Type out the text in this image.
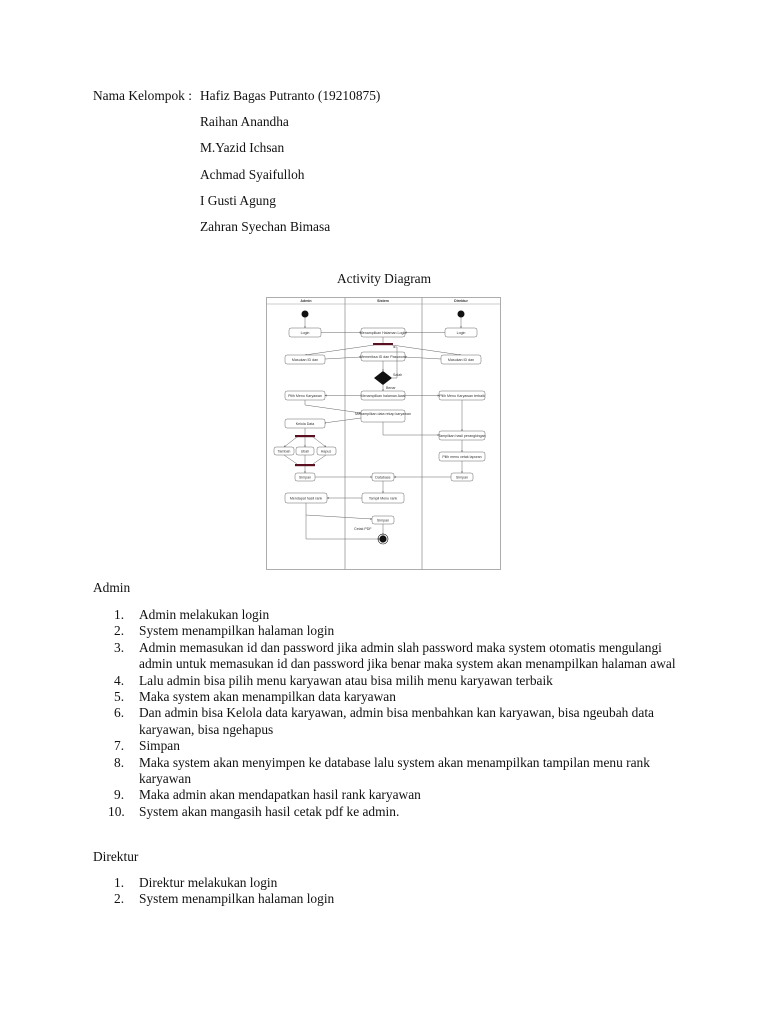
Nama Kelompok : Hafiz Bagas Putranto (19210875)
Raihan Anandha
M.Yazid Ichsan
Achmad Syaifulloh
I Gusti Agung
Zahran Syechan Bimasa
Activity Diagram
Admin	Sistem	Direktur
Login	Menampilkan Halaman Login	Login
Masukan ID dan
Memeriksa ID dan Password
Masukan ID dan
Salah
Benar
Pilih Menu Karyawan	Menampilkan halaman Awal	Pilih Menu Karyawan terbaik
Menampilkan data rekap karyawan
Kelola Data
Tampilkan hasil perangkingan
Tambah	Ubah	Hapus
Pilih menu cetak laporan
Simpan	Database	Simpan
Mendapat hasil rank	Tampil Menu rank
Simpan
Cetak PDF
Admin
1. Admin melakukan login
2. System menampilkan halaman login
3. Admin memasukan id dan password jika admin slah password maka system otomatis mengulangi admin untuk memasukan id dan password jika benar maka system akan menampilkan halaman awal
4. Lalu admin bisa pilih menu karyawan atau bisa milih menu karyawan terbaik
5. Maka system akan menampilkan data karyawan
6. Dan admin bisa Kelola data karyawan, admin bisa menbahkan kan karyawan, bisa ngeubah data karyawan, bisa ngehapus
7. Simpan
8. Maka system akan menyimpen ke database lalu system akan menampilkan tampilan menu rank karyawan
9. Maka admin akan mendapatkan hasil rank karyawan
10. System akan mangasih hasil cetak pdf ke admin.
Direktur
1. Direktur melakukan login
2. System menampilkan halaman login
